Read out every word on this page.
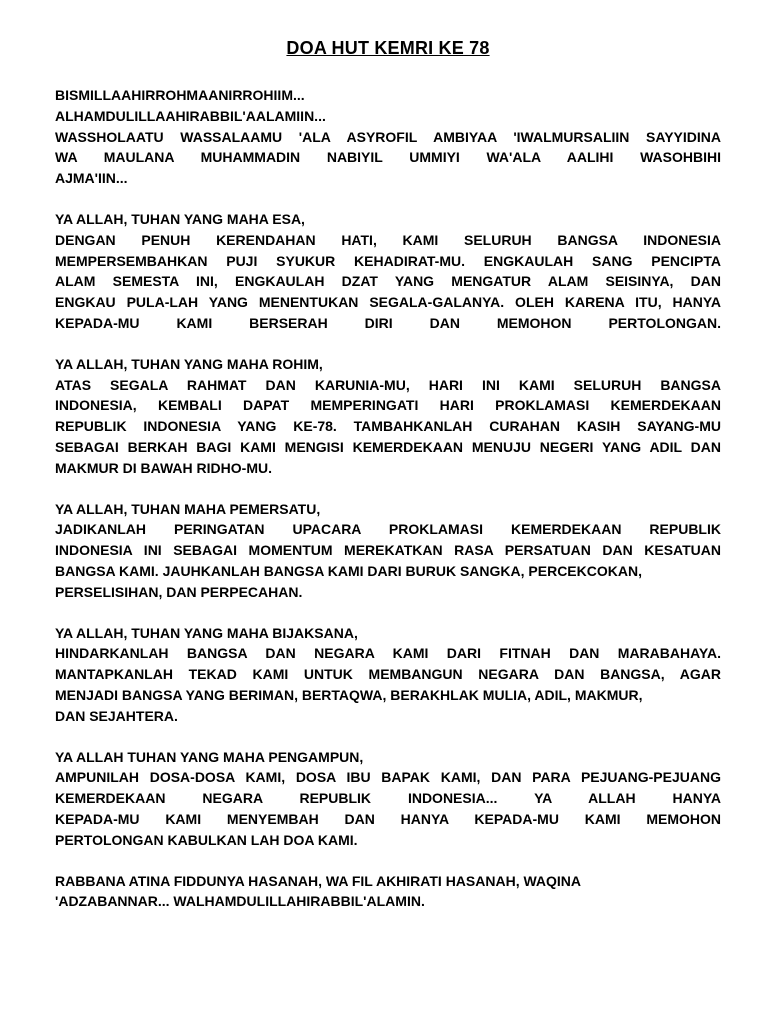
DOA HUT KEMRI KE 78
BISMILLAAHIRROHMAANIRROHIIM...
ALHAMDULILLAAHIRABBIL'AALAMIIN...
WASSHOLAATU WASSALAAMU 'ALA ASYROFIL AMBIYAA 'IWALMURSALIIN SAYYIDINA
WA MAULANA MUHAMMADIN NABIYIL UMMIYI WA'ALA AALIHI WASOHBIHI
AJMA'IIN...
YA ALLAH, TUHAN YANG MAHA ESA,
DENGAN PENUH KERENDAHAN HATI, KAMI SELURUH BANGSA INDONESIA
MEMPERSEMBAHKAN PUJI SYUKUR KEHADIRAT-MU. ENGKAULAH SANG PENCIPTA
ALAM SEMESTA INI, ENGKAULAH DZAT YANG MENGATUR ALAM SEISINYA, DAN
ENGKAU PULA-LAH YANG MENENTUKAN SEGALA-GALANYA. OLEH KARENA ITU, HANYA
KEPADA-MU KAMI BERSERAH DIRI DAN MEMOHON PERTOLONGAN.
YA ALLAH, TUHAN YANG MAHA ROHIM,
ATAS SEGALA RAHMAT DAN KARUNIA-MU, HARI INI KAMI SELURUH BANGSA
INDONESIA, KEMBALI DAPAT MEMPERINGATI HARI PROKLAMASI KEMERDEKAAN
REPUBLIK INDONESIA YANG KE-78. TAMBAHKANLAH CURAHAN KASIH SAYANG-MU
SEBAGAI BERKAH BAGI KAMI MENGISI KEMERDEKAAN MENUJU NEGERI YANG ADIL DAN
MAKMUR DI BAWAH RIDHO-MU.
YA ALLAH, TUHAN MAHA PEMERSATU,
JADIKANLAH PERINGATAN UPACARA PROKLAMASI KEMERDEKAAN REPUBLIK
INDONESIA INI SEBAGAI MOMENTUM MEREKATKAN RASA PERSATUAN DAN KESATUAN
BANGSA KAMI. JAUHKANLAH BANGSA KAMI DARI BURUK SANGKA, PERCEKCOKAN,
PERSELISIHAN, DAN PERPECAHAN.
YA ALLAH, TUHAN YANG MAHA BIJAKSANA,
HINDARKANLAH BANGSA DAN NEGARA KAMI DARI FITNAH DAN MARABAHAYA.
MANTAPKANLAH TEKAD KAMI UNTUK MEMBANGUN NEGARA DAN BANGSA, AGAR
MENJADI BANGSA YANG BERIMAN, BERTAQWA, BERAKHLAK MULIA, ADIL, MAKMUR,
DAN SEJAHTERA.
YA ALLAH TUHAN YANG MAHA PENGAMPUN,
AMPUNILAH DOSA-DOSA KAMI, DOSA IBU BAPAK KAMI, DAN PARA PEJUANG-PEJUANG
KEMERDEKAAN NEGARA REPUBLIK INDONESIA... YA ALLAH HANYA
KEPADA-MU KAMI MENYEMBAH DAN HANYA KEPADA-MU KAMI MEMOHON
PERTOLONGAN KABULKAN LAH DOA KAMI.
RABBANA ATINA FIDDUNYA HASANAH, WA FIL AKHIRATI HASANAH, WAQINA
'ADZABANNAR... WALHAMDULILLAHIRABBIL'ALAMIN.
